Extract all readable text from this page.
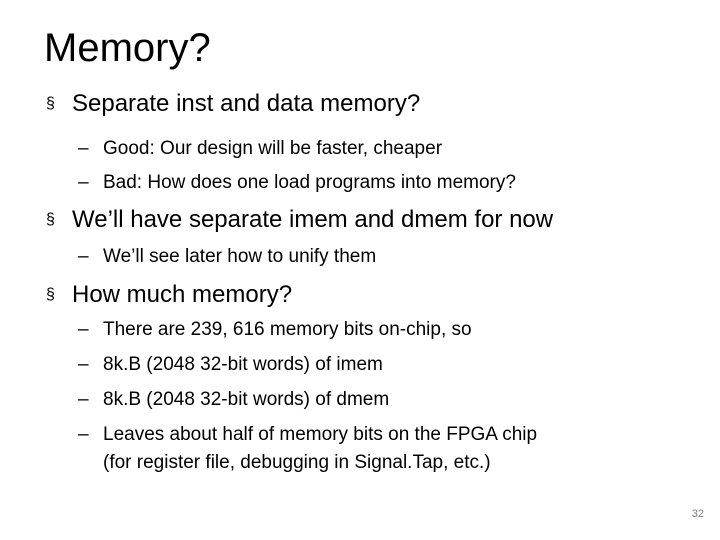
Memory?
§ Separate inst and data memory?
– Good: Our design will be faster, cheaper
– Bad: How does one load programs into memory?
§ We’ll have separate imem and dmem for now
– We’ll see later how to unify them
§ How much memory?
– There are 239, 616 memory bits on-chip, so
– 8k.B (2048 32-bit words) of imem
– 8k.B (2048 32-bit words) of dmem
– Leaves about half of memory bits on the FPGA chip
(for register file, debugging in Signal.Tap, etc.)
32
